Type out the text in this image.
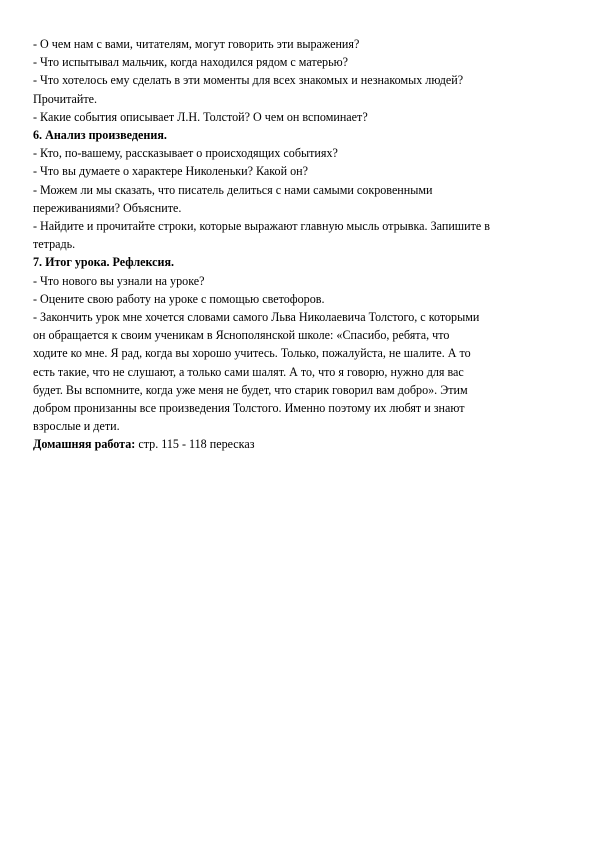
- О чем нам с вами, читателям, могут говорить эти выражения?

- Что испытывал мальчик, когда находился рядом с матерью?

- Что хотелось ему сделать в эти моменты для всех знакомых и незнакомых людей?

Прочитайте.

- Какие события описывает Л.Н. Толстой? О чем он вспоминает?

6. Анализ произведения.

- Кто, по-вашему, рассказывает о происходящих событиях?

- Что вы думаете о характере Николеньки? Какой он?

- Можем ли мы сказать, что писатель делиться с нами самыми сокровенными

переживаниями? Объясните.

- Найдите и прочитайте строки, которые выражают главную мысль отрывка. Запишите в

тетрадь.

7. Итог урока. Рефлексия.

- Что нового вы узнали на уроке?

- Оцените свою работу на уроке с помощью светофоров.

- Закончить урок мне хочется словами самого Льва Николаевича Толстого, с которыми

он обращается к своим ученикам в Яснополянской школе: «Спасибо, ребята, что

ходите ко мне. Я рад, когда вы хорошо учитесь. Только, пожалуйста, не шалите. А то

есть такие, что не слушают, а только сами шалят. А то, что я говорю, нужно для вас

будет. Вы вспомните, когда уже меня не будет, что старик говорил вам добро». Этим

добром пронизанны все произведения Толстого. Именно поэтому их любят и знают

взрослые и дети.

Домашняя работа: стр. 115 - 118 пересказ
